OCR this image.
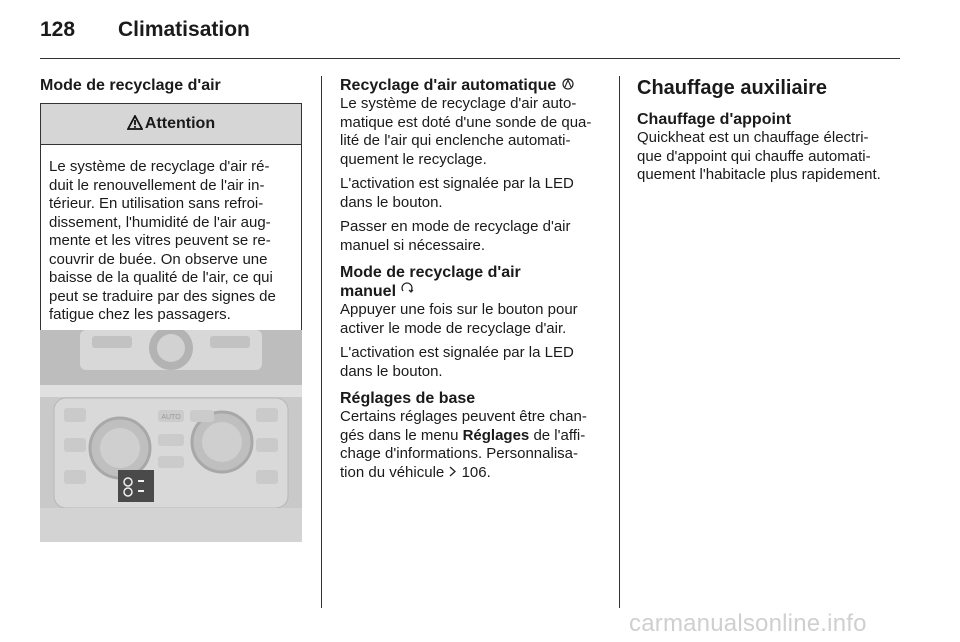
128 Climatisation
Mode de recyclage d'air
Attention

Le système de recyclage d'air ré-

duit le renouvellement de l'air in-

térieur. En utilisation sans refroi-

dissement, l'humidité de l'air aug-

mente et les vitres peuvent se re-

couvrir de buée. On observe une

baisse de la qualité de l'air, ce qui

peut se traduire par des signes de

fatigue chez les passagers.

AUTO
Recyclage d'air automatique

Le système de recyclage d'air auto-

matique est doté d'une sonde de qua-

lité de l'air qui enclenche automati-

quement le recyclage.

L'activation est signalée par la LED

dans le bouton.

Passer en mode de recyclage d'air

manuel si nécessaire.

Mode de recyclage d'air
manuel

Appuyer une fois sur le bouton pour

activer le mode de recyclage d'air.

L'activation est signalée par la LED

dans le bouton.

Réglages de base

Certains réglages peuvent être chan-

gés dans le menu Réglages de l'affi-

chage d'informations. Personnalisa-

tion du véhicule  106.

Chauffage auxiliaire
Chauffage d'appoint

Quickheat est un chauffage électri-

que d'appoint qui chauffe automati-

quement l'habitacle plus rapidement.

carmanualsonline.info
